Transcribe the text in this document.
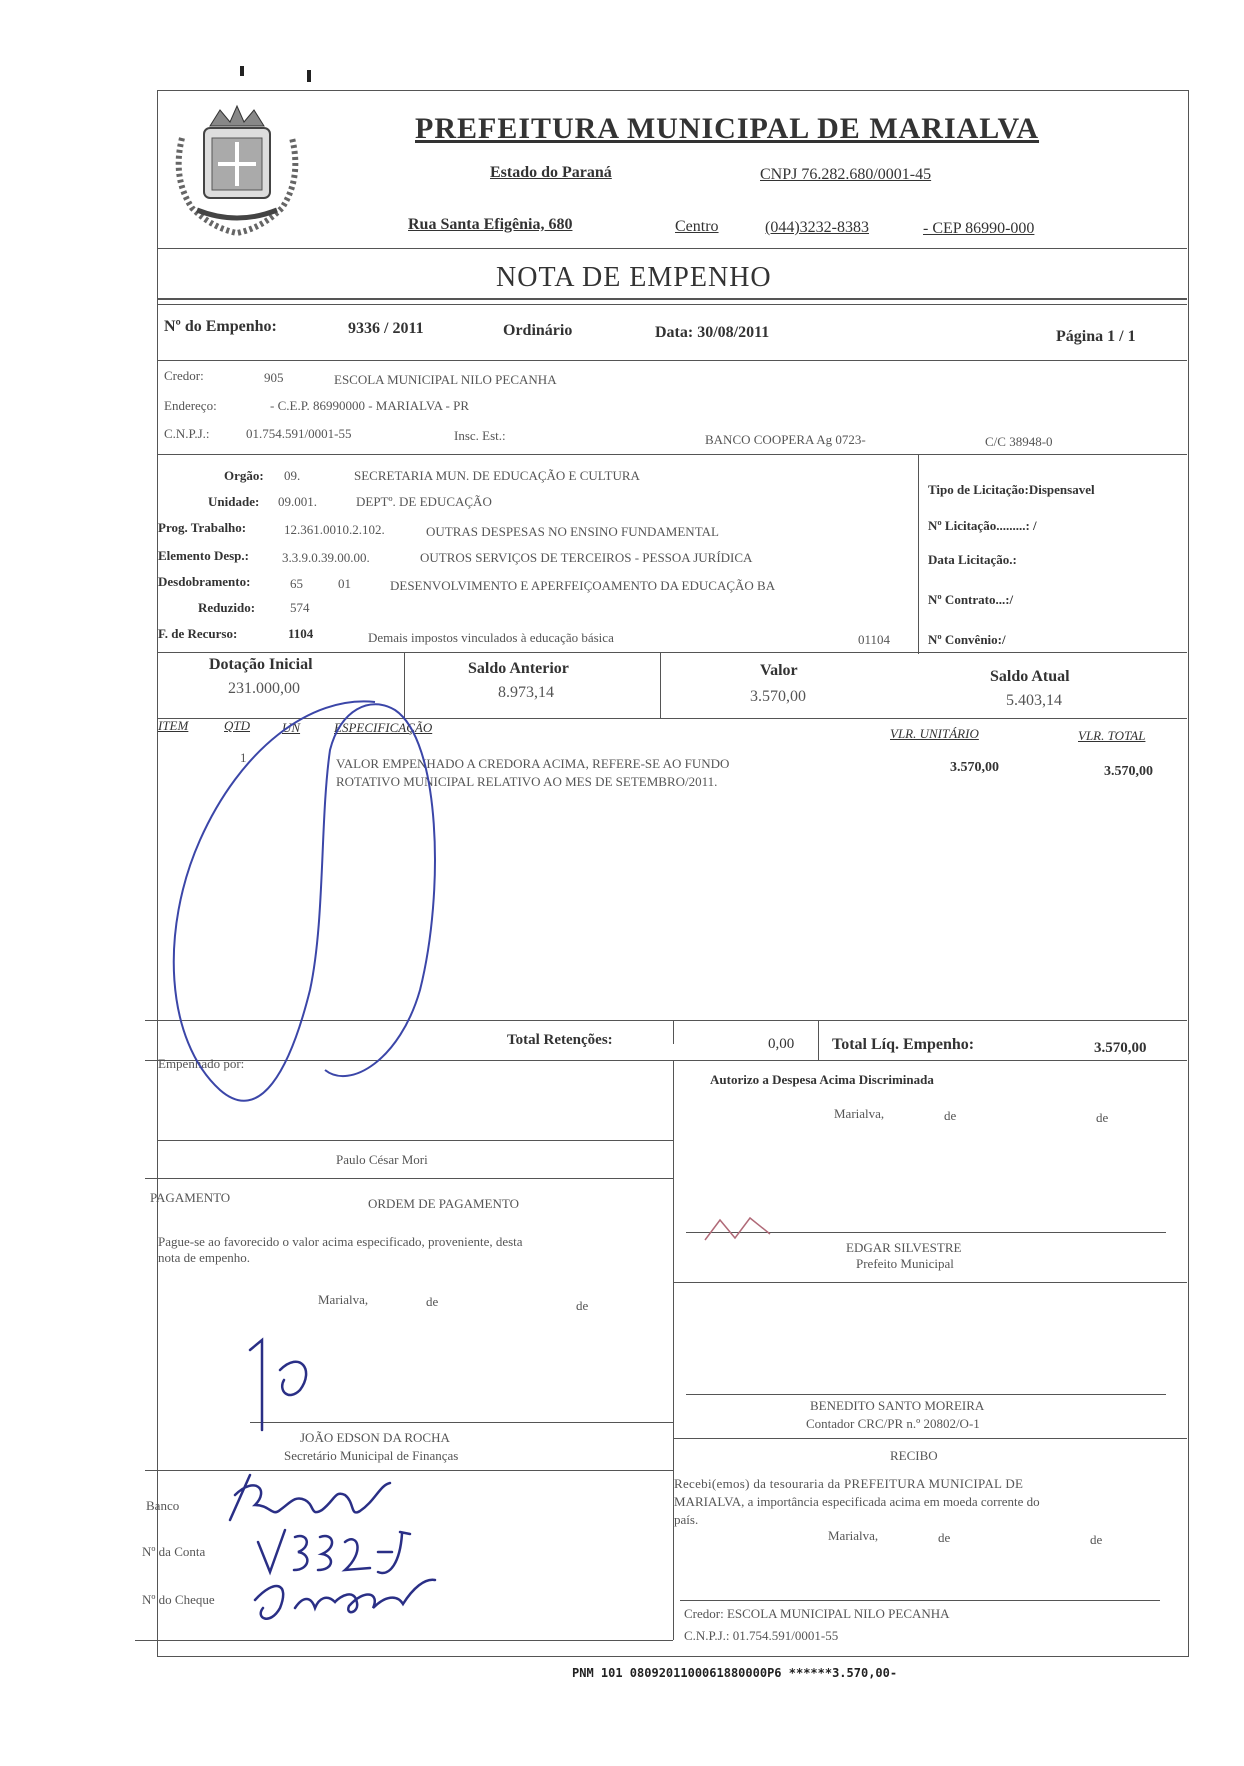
PREFEITURA MUNICIPAL DE MARIALVA
Estado do Paraná	CNPJ 76.282.680/0001-45
Rua Santa Efigênia, 680	Centro	(044)3232-8383	- CEP 86990-000
NOTA DE EMPENHO
Nº do Empenho:	9336 / 2011	Ordinário	Data: 30/08/2011	Página 1 / 1
Credor:	905	ESCOLA MUNICIPAL NILO PECANHA
Endereço:	- C.E.P. 86990000 - MARIALVA - PR
C.N.P.J.:	01.754.591/0001-55	Insc. Est.:	BANCO COOPERA Ag 0723-	C/C 38948-0
Orgão: 09.	SECRETARIA MUN. DE EDUCAÇÃO E CULTURA
Unidade: 09.001.	DEPTº. DE EDUCAÇÃO
Prog. Trabalho:	12.361.0010.2.102.	OUTRAS DESPESAS NO ENSINO FUNDAMENTAL
Elemento Desp.:	3.3.9.0.39.00.00.	OUTROS SERVIÇOS DE TERCEIROS - PESSOA JURÍDICA
Desdobramento:	65	01	DESENVOLVIMENTO E APERFEIÇOAMENTO DA EDUCAÇÃO BA
Reduzido:	574
F. de Recurso:	1104	Demais impostos vinculados à educação básica	01104
Tipo de Licitação:Dispensavel
Nº Licitação.........: /
Data Licitação.:
Nº Contrato...:/
Nº Convênio:/
Dotação Inicial
231.000,00
Saldo Anterior
8.973,14
Valor
3.570,00
Saldo Atual
5.403,14
ITEM	QTD UN	ESPECIFICAÇÃO	VLR. UNITÁRIO	VLR. TOTAL
1	VALOR EMPENHADO A CREDORA ACIMA, REFERE-SE AO FUNDO
ROTATIVO MUNICIPAL RELATIVO AO MES DE SETEMBRO/2011.
3.570,00	3.570,00
Total Retenções:	0,00 Total Líq. Empenho:	3.570,00
Empenhado por:
Paulo César Mori
PAGAMENTO	ORDEM DE PAGAMENTO
Pague-se ao favorecido o valor acima especificado, proveniente, desta
nota de empenho.
Marialva,	de	de
JOÃO EDSON DA ROCHA
Secretário Municipal de Finanças
Banco
Nº da Conta
Nº do Cheque
Autorizo a Despesa Acima Discriminada
Marialva,	de	de
EDGAR SILVESTRE
Prefeito Municipal
BENEDITO SANTO MOREIRA
Contador CRC/PR n.º 20802/O-1
RECIBO
Recebi(emos) da tesouraria da PREFEITURA MUNICIPAL DE
MARIALVA, a importância especificada acima em moeda corrente do
país.
Marialva,	de	de
Credor: ESCOLA MUNICIPAL NILO PECANHA
C.N.P.J.: 01.754.591/0001-55
PNM 101 0809201100061880000P6 ******3.570,00-
